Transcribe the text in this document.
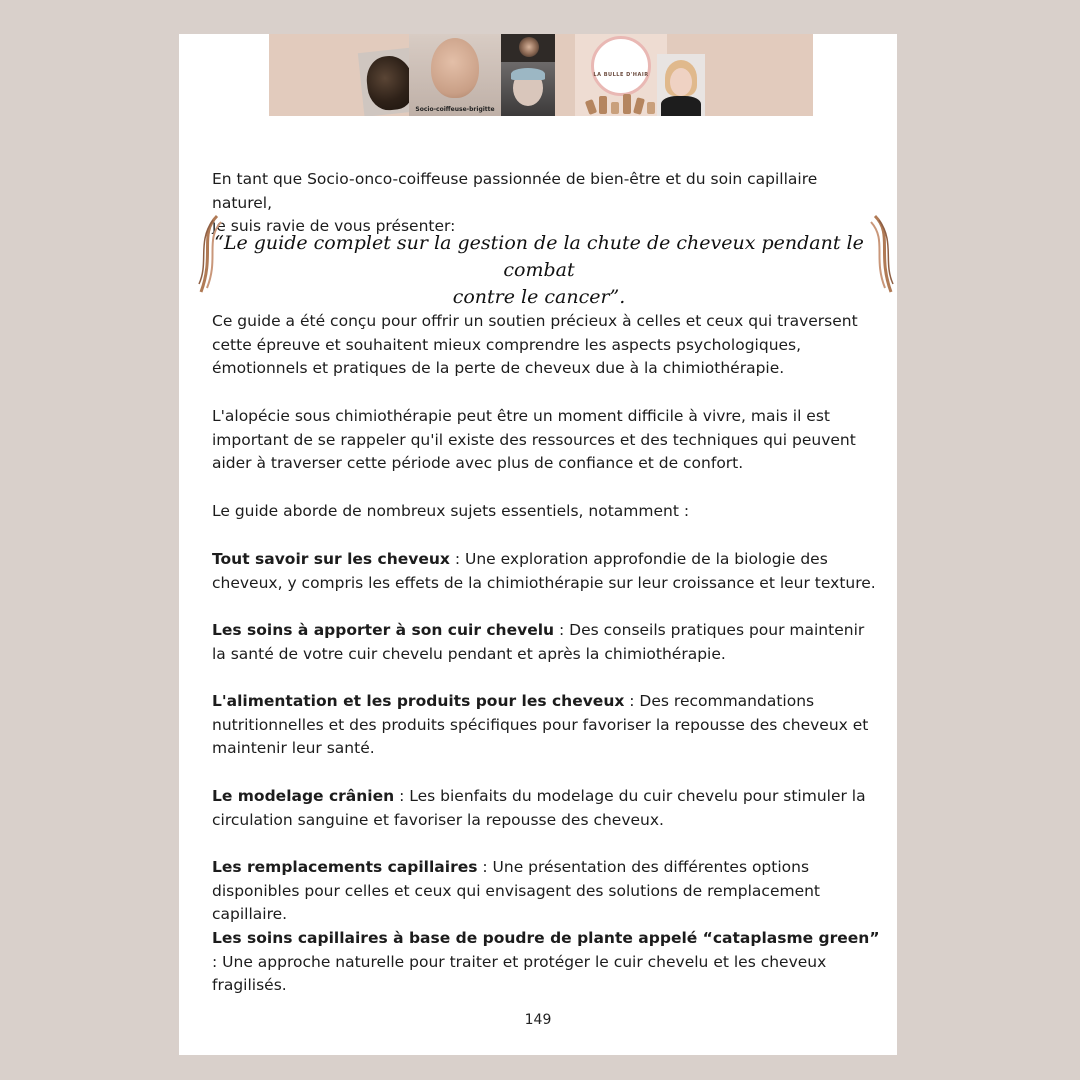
Socio-coiffeuse-brigitte
LA BULLE D'HAIR

En tant que Socio-onco-coiffeuse passionnée de bien-être et du soin capillaire naturel,

je suis ravie de vous présenter:

“Le guide complet sur la gestion de la chute de cheveux pendant le combat
contre le cancer”.

Ce guide a été conçu pour offrir un soutien précieux à celles et ceux qui traversent cette épreuve et souhaitent mieux comprendre les aspects psychologiques, émotionnels et pratiques de la perte de cheveux due à la chimiothérapie.

L'alopécie sous chimiothérapie peut être un moment difficile à vivre, mais il est important de se rappeler qu'il existe des ressources et des techniques qui peuvent aider à traverser cette période avec plus de confiance et de confort.

Le guide aborde de nombreux sujets essentiels, notamment :

Tout savoir sur les cheveux : Une exploration approfondie de la biologie des cheveux, y compris les effets de la chimiothérapie sur leur croissance et leur texture.

Les soins à apporter à son cuir chevelu : Des conseils pratiques pour maintenir la santé de votre cuir chevelu pendant et après la chimiothérapie.

L'alimentation et les produits pour les cheveux : Des recommandations nutritionnelles et des produits spécifiques pour favoriser la repousse des cheveux et maintenir leur santé.

Le modelage crânien : Les bienfaits du modelage du cuir chevelu pour stimuler la circulation sanguine et favoriser la repousse des cheveux.

Les remplacements capillaires : Une présentation des différentes options disponibles pour celles et ceux qui envisagent des solutions de remplacement capillaire.

Les soins capillaires à base de poudre de plante appelé “cataplasme green” : Une approche naturelle pour traiter et protéger le cuir chevelu et les cheveux fragilisés.

149
